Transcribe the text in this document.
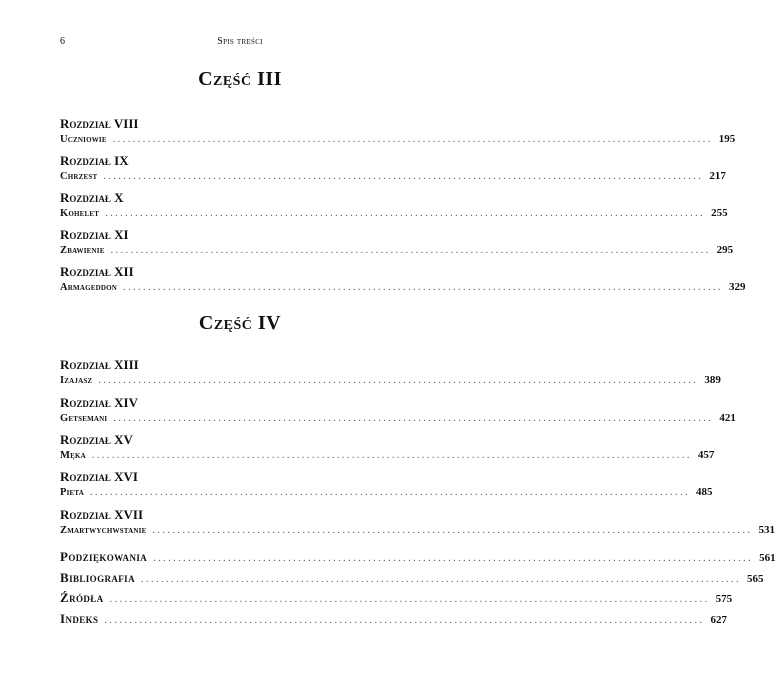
6	Spis treści
Część III
Rozdział VIII
Uczniowie ........................................................................................................................ 195
Rozdział IX
Chrzest ........................................................................................................................ 217
Rozdział X
Kohelet ........................................................................................................................ 255
Rozdział XI
Zbawienie ........................................................................................................................ 295
Rozdział XII
Armageddon ........................................................................................................................ 329
Część IV
Rozdział XIII
Izajasz ........................................................................................................................ 389
Rozdział XIV
Getsemani ........................................................................................................................ 421
Rozdział XV
Męka ........................................................................................................................ 457
Rozdział XVI
Pieta ........................................................................................................................ 485
Rozdział XVII
Zmartwychwstanie ........................................................................................................................ 531
Podziękowania ........................................................................................................................ 561
Bibliografia ........................................................................................................................ 565
Źródła ........................................................................................................................ 575
Indeks ........................................................................................................................ 627
